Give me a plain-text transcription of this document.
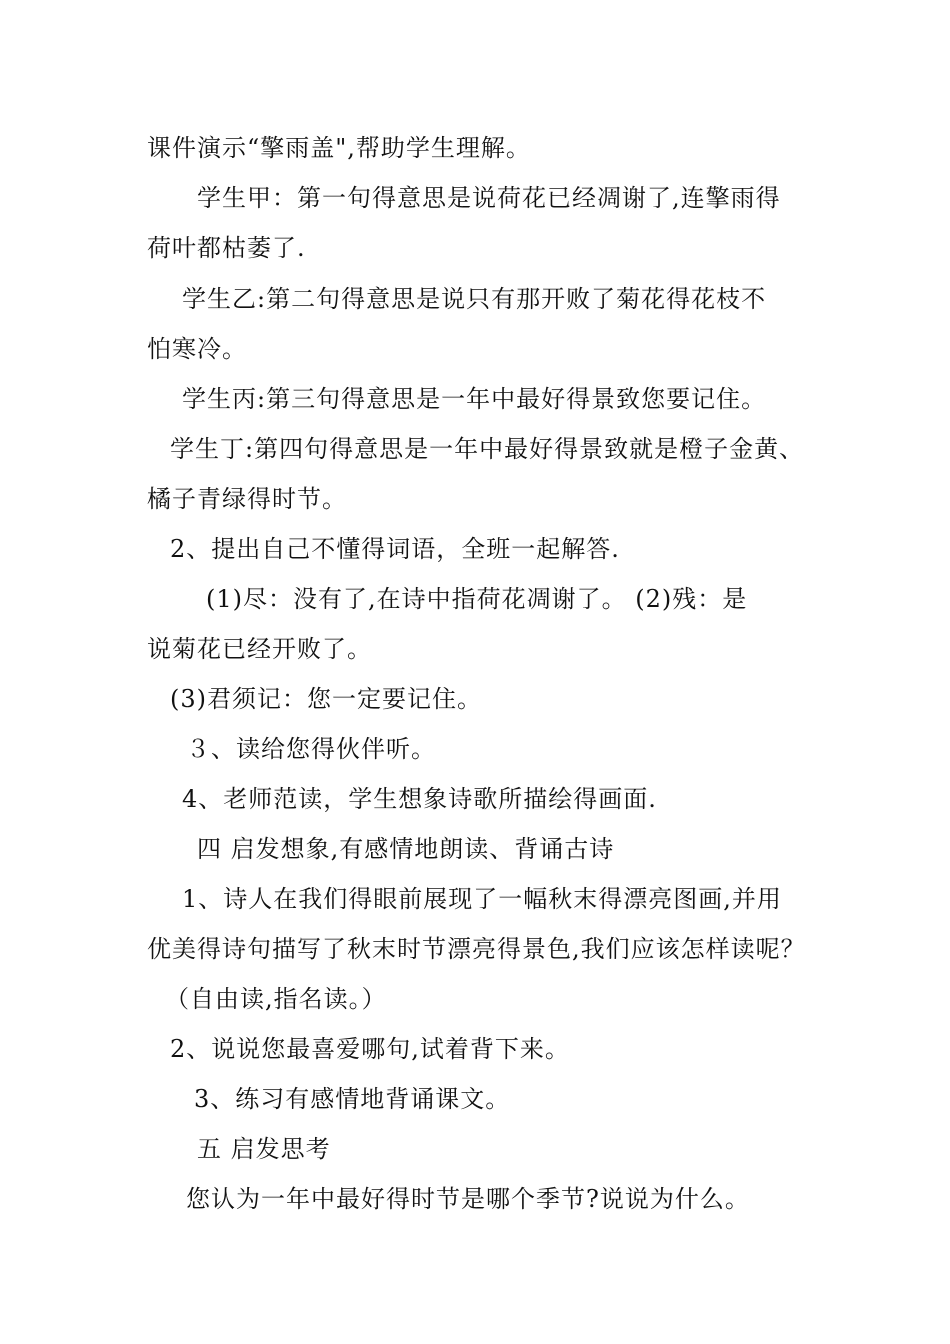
课件演示“擎雨盖",帮助学生理解。
学生甲：第一句得意思是说荷花已经凋谢了,连擎雨得
荷叶都枯萎了.
学生乙:第二句得意思是说只有那开败了菊花得花枝不
怕寒冷。
学生丙:第三句得意思是一年中最好得景致您要记住。
学生丁:第四句得意思是一年中最好得景致就是橙子金黄、
橘子青绿得时节。
2、提出自己不懂得词语，全班一起解答.
(1)尽：没有了,在诗中指荷花凋谢了。 (2)残：是
说菊花已经开败了。
(3)君须记：您一定要记住。
３、读给您得伙伴听。
4、老师范读，学生想象诗歌所描绘得画面.
四 启发想象,有感情地朗读、背诵古诗
1、诗人在我们得眼前展现了一幅秋末得漂亮图画,并用
优美得诗句描写了秋末时节漂亮得景色,我们应该怎样读呢？
（自由读,指名读。）
2、说说您最喜爱哪句,试着背下来。
3、练习有感情地背诵课文。
五 启发思考
您认为一年中最好得时节是哪个季节?说说为什么。
